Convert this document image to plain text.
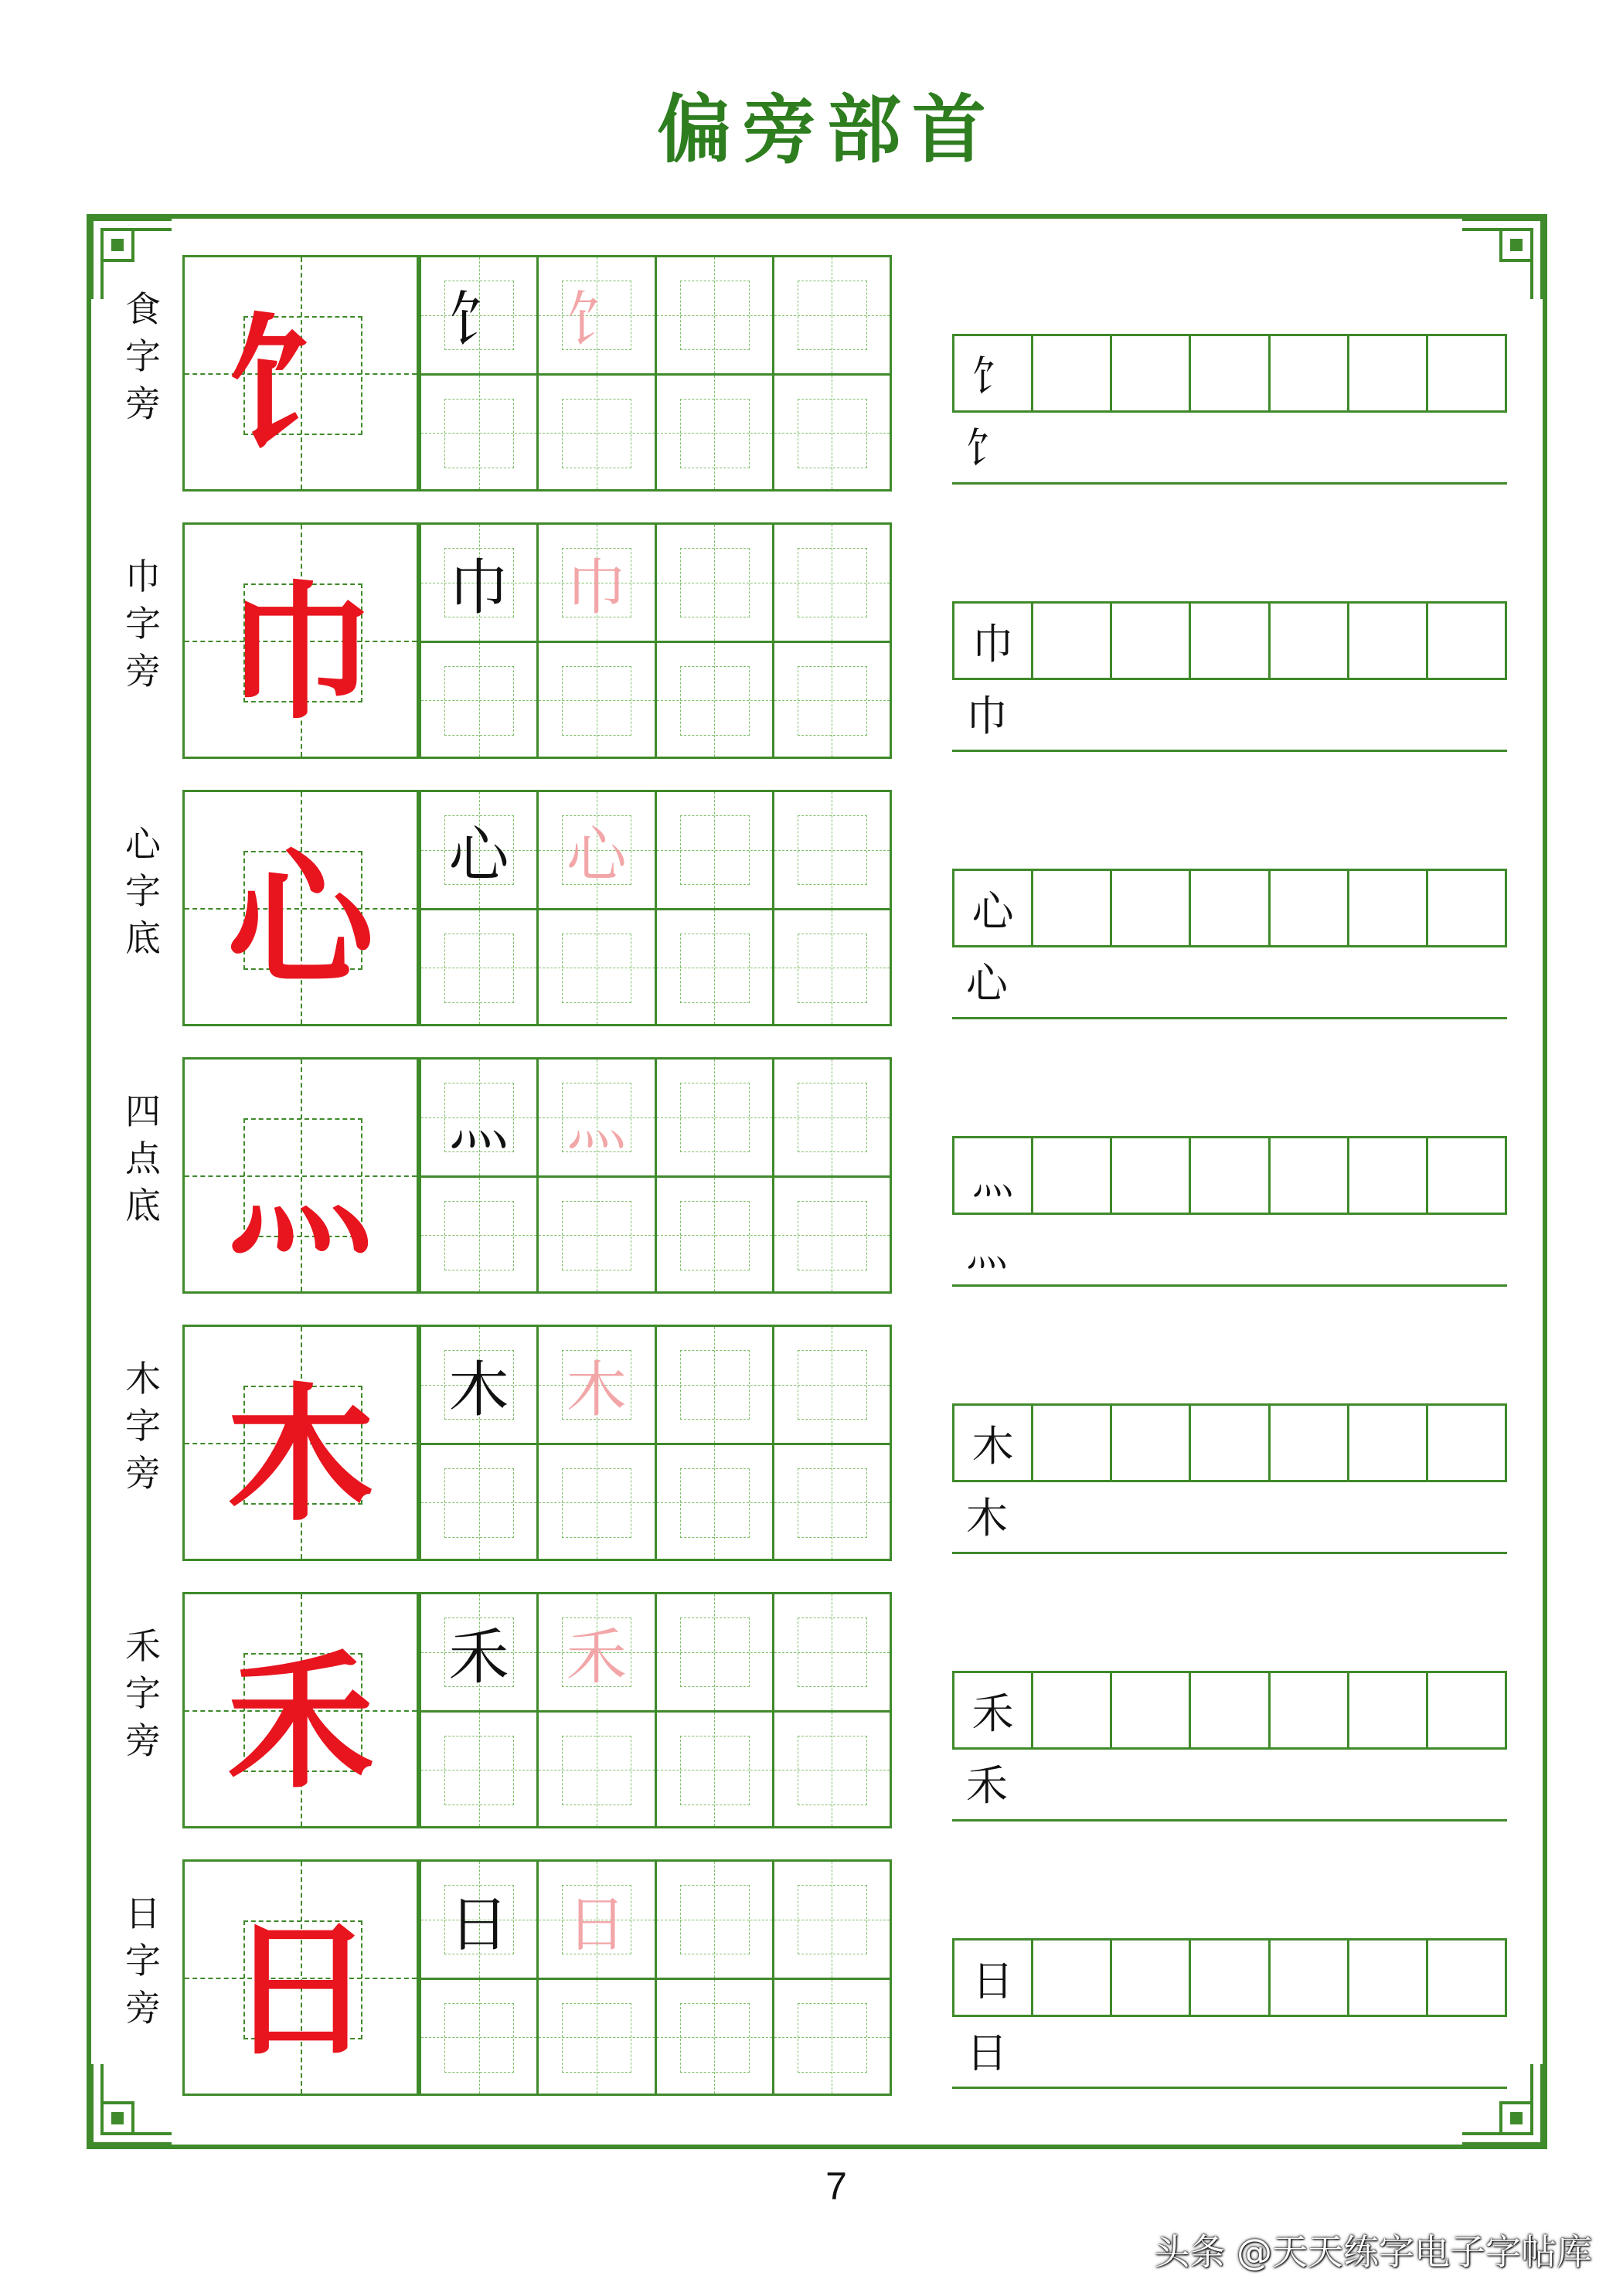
偏旁部首
食
字
旁 饣	饣 饣
饣
饣
巾
字
旁 巾	巾 巾
巾
巾
心
字
底 心	心 心
心
心
四
点
底 灬	灬 灬
灬
灬
木
字
旁 木	木 木
木
木
禾
字
旁 禾	禾 禾
禾
禾
日
字
旁 日	日 日
日
日
7
头条 @天天练字电子字帖库
